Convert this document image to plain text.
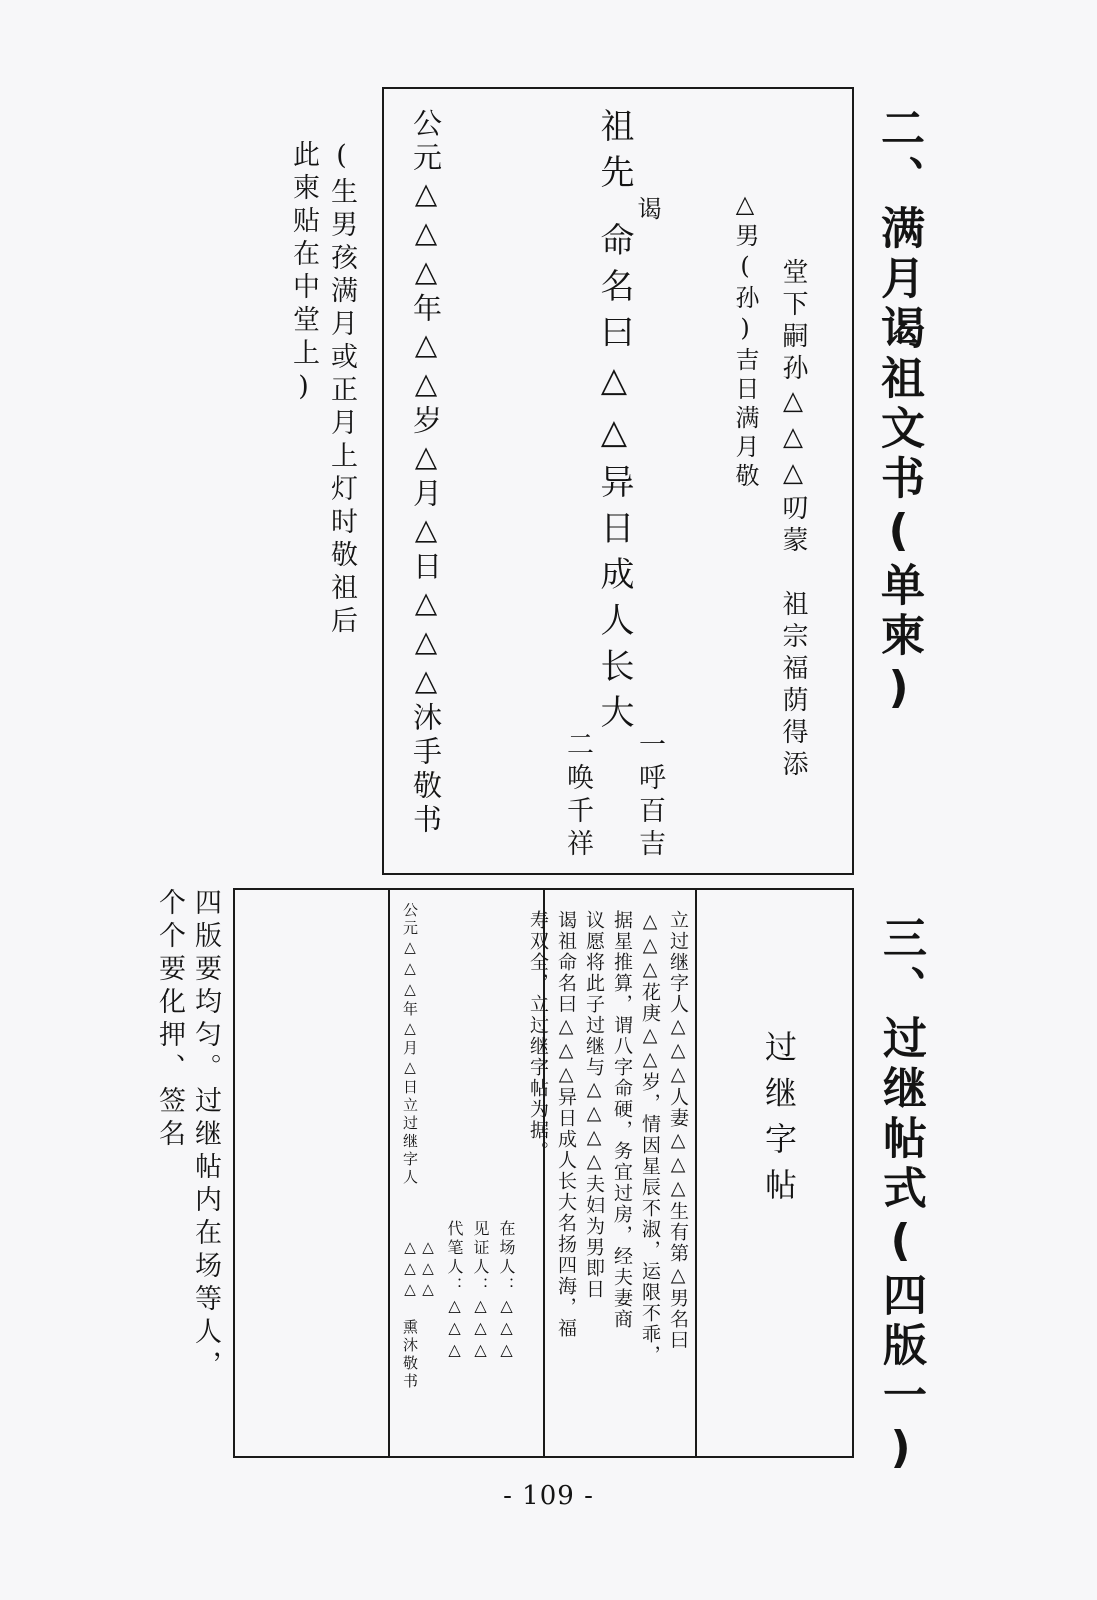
二、满月谒祖文书(单柬)
堂下嗣孙△△△叨蒙　祖宗福荫得添
△男(孙)吉日满月敬
祖先
谒
命名曰△△异日成人长大
一呼百吉
二唤千祥
公元△△△年△△岁△月△日△△△沐手敬书
(生男孩满月或正月上灯时敬祖后
此柬贴在中堂上)
三、过继帖式(四版一)
过继字帖
立过继字人△△△人妻△△△生有第△男名曰
△△△花庚△△岁，情因星辰不淑，运限不乖，
据星推算，谓八字命硬，务宜过房，经夫妻商
议愿将此子过继与△△△△夫妇为男即日
谒祖命名曰△△△异日成人长大名扬四海，福
寿双全，立过继字帖为据。
在场人：△△△
见证人：△△△
代笔人：△△△
公元△△△年△月△日立过继字人
△△△
△△△　熏沐敬书
四版要均匀。过继帖内在场等人，
个个要化押、签名
- 109 -
